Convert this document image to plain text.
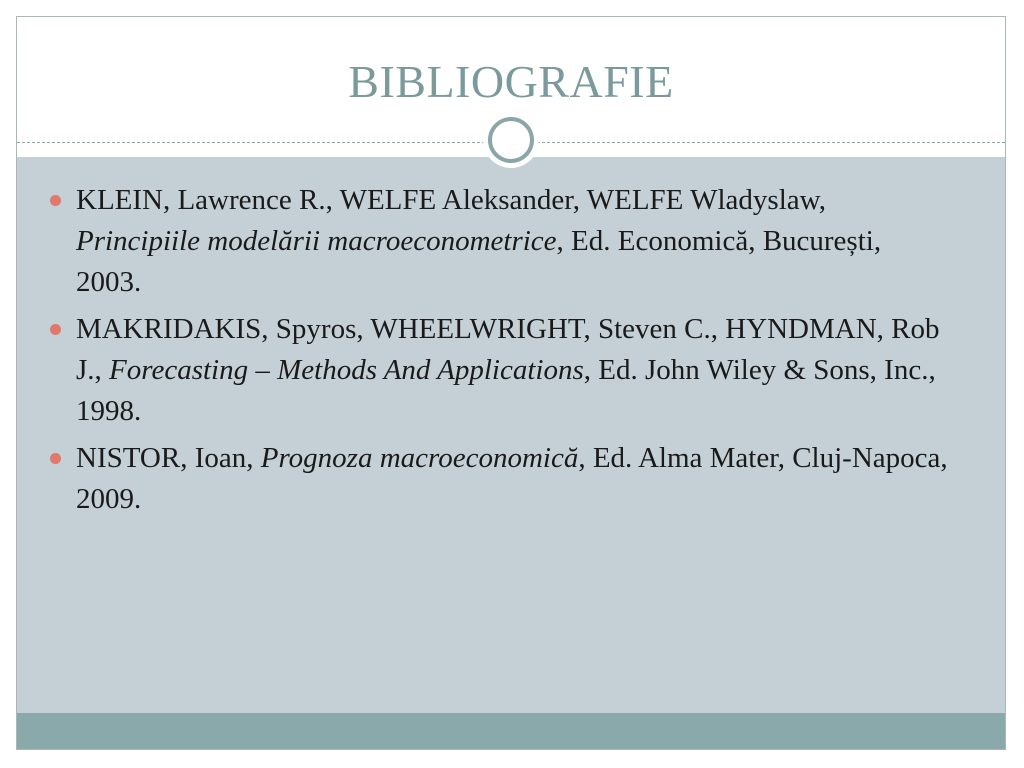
BIBLIOGRAFIE
KLEIN, Lawrence R., WELFE Aleksander, WELFE Wladyslaw, Principiile modelării macroeconometrice, Ed. Economică, București, 2003.
MAKRIDAKIS, Spyros, WHEELWRIGHT, Steven C., HYNDMAN, Rob J., Forecasting – Methods And Applications, Ed. John Wiley & Sons, Inc., 1998.
NISTOR, Ioan, Prognoza macroeconomică, Ed. Alma Mater, Cluj-Napoca, 2009.
